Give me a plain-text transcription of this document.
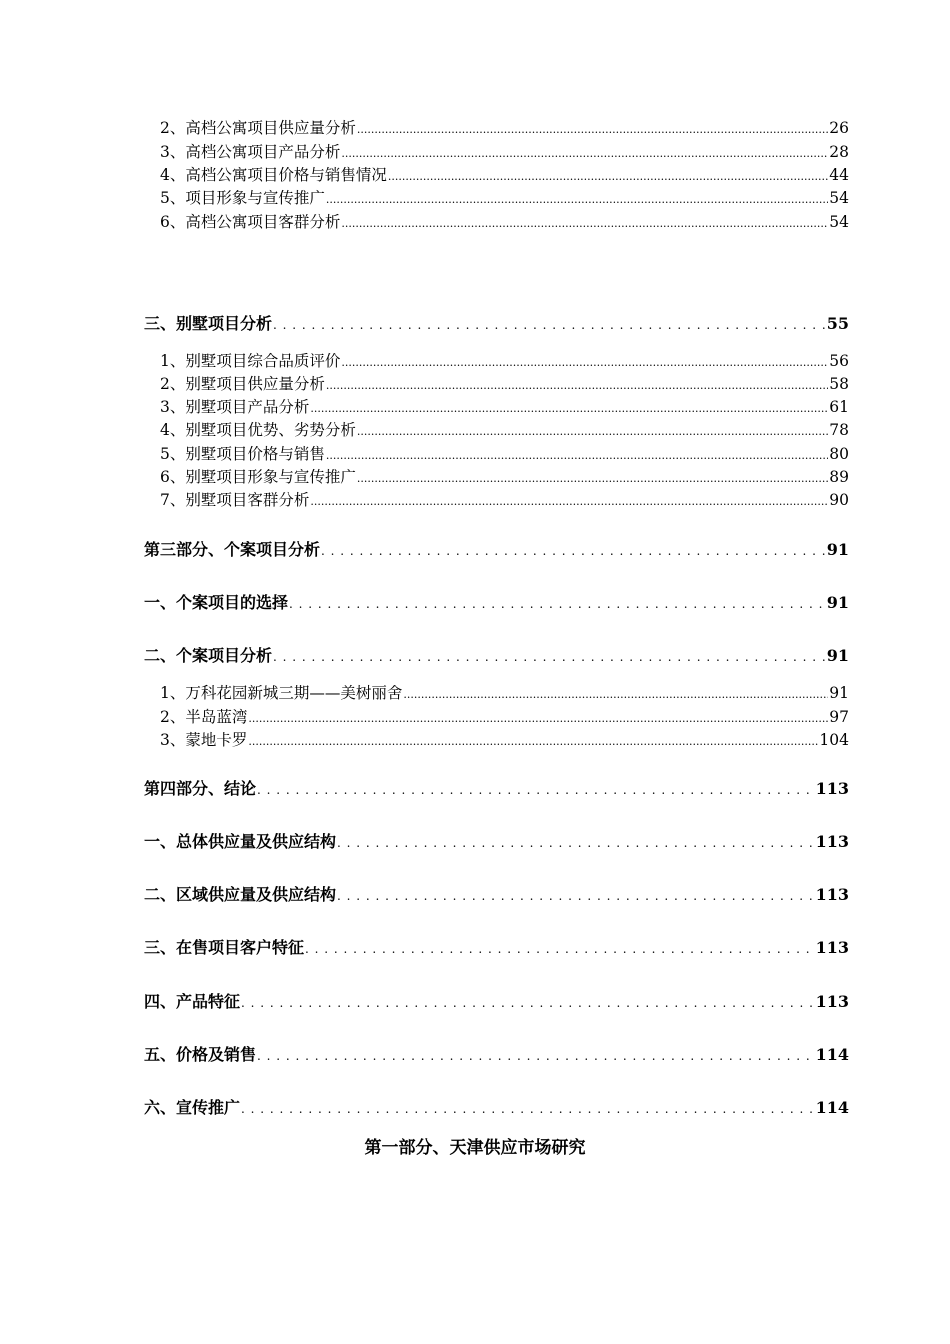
2、高档公寓项目供应量分析 .....	26
3、高档公寓项目产品分析 .....	28
4、高档公寓项目价格与销售情况 .....	44
5、项目形象与宣传推广 .....	54
6、高档公寓项目客群分析 .....	54
三、别墅项目分析 . . .	55
1、别墅项目综合品质评价 .....	56
2、别墅项目供应量分析 .....	58
3、别墅项目产品分析 .....	61
4、别墅项目优势、劣势分析 .....	78
5、别墅项目价格与销售 .....	80
6、别墅项目形象与宣传推广 .....	89
7、别墅项目客群分析 .....	90
第三部分、个案项目分析 . . .	91
一、个案项目的选择 . . .	91
二、个案项目分析 . . .	91
1、万科花园新城三期——美树丽舍 .....	91
2、半岛蓝湾 .....	97
3、蒙地卡罗 .....	104
第四部分、结论 . . .	113
一、总体供应量及供应结构 . . .	113
二、区域供应量及供应结构 . . .	113
三、在售项目客户特征 . . .	113
四、产品特征 . . .	113
五、价格及销售 . . .	114
六、宣传推广 . . .	114
第一部分、天津供应市场研究
